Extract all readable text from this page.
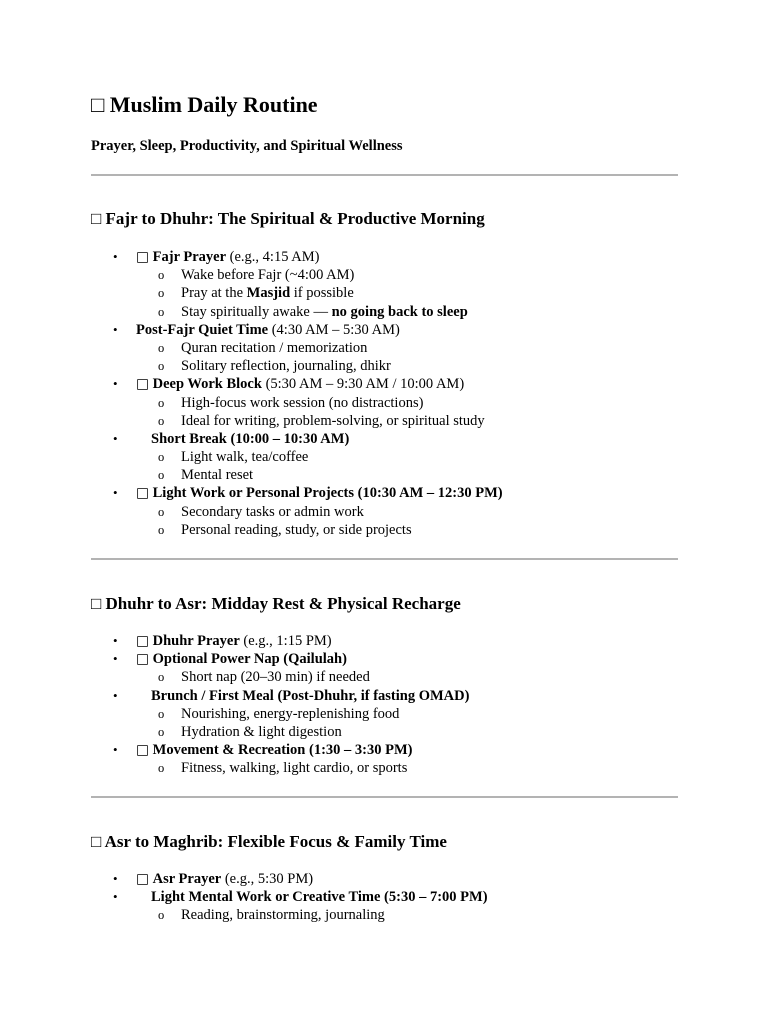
□ Muslim Daily Routine
Prayer, Sleep, Productivity, and Spiritual Wellness
□ Fajr to Dhuhr: The Spiritual & Productive Morning
• □ Fajr Prayer (e.g., 4:15 AM)
o Wake before Fajr (~4:00 AM)
o Pray at the Masjid if possible
o Stay spiritually awake — no going back to sleep
• Post-Fajr Quiet Time (4:30 AM – 5:30 AM)
o Quran recitation / memorization
o Solitary reflection, journaling, dhikr
• □ Deep Work Block (5:30 AM – 9:30 AM / 10:00 AM)
o High-focus work session (no distractions)
o Ideal for writing, problem-solving, or spiritual study
• Short Break (10:00 – 10:30 AM)
o Light walk, tea/coffee
o Mental reset
• □ Light Work or Personal Projects (10:30 AM – 12:30 PM)
o Secondary tasks or admin work
o Personal reading, study, or side projects
□ Dhuhr to Asr: Midday Rest & Physical Recharge
• □ Dhuhr Prayer (e.g., 1:15 PM)
• □ Optional Power Nap (Qailulah)
o Short nap (20–30 min) if needed
• Brunch / First Meal (Post-Dhuhr, if fasting OMAD)
o Nourishing, energy-replenishing food
o Hydration & light digestion
• □ Movement & Recreation (1:30 – 3:30 PM)
o Fitness, walking, light cardio, or sports
□ Asr to Maghrib: Flexible Focus & Family Time
• □ Asr Prayer (e.g., 5:30 PM)
• Light Mental Work or Creative Time (5:30 – 7:00 PM)
o Reading, brainstorming, journaling
